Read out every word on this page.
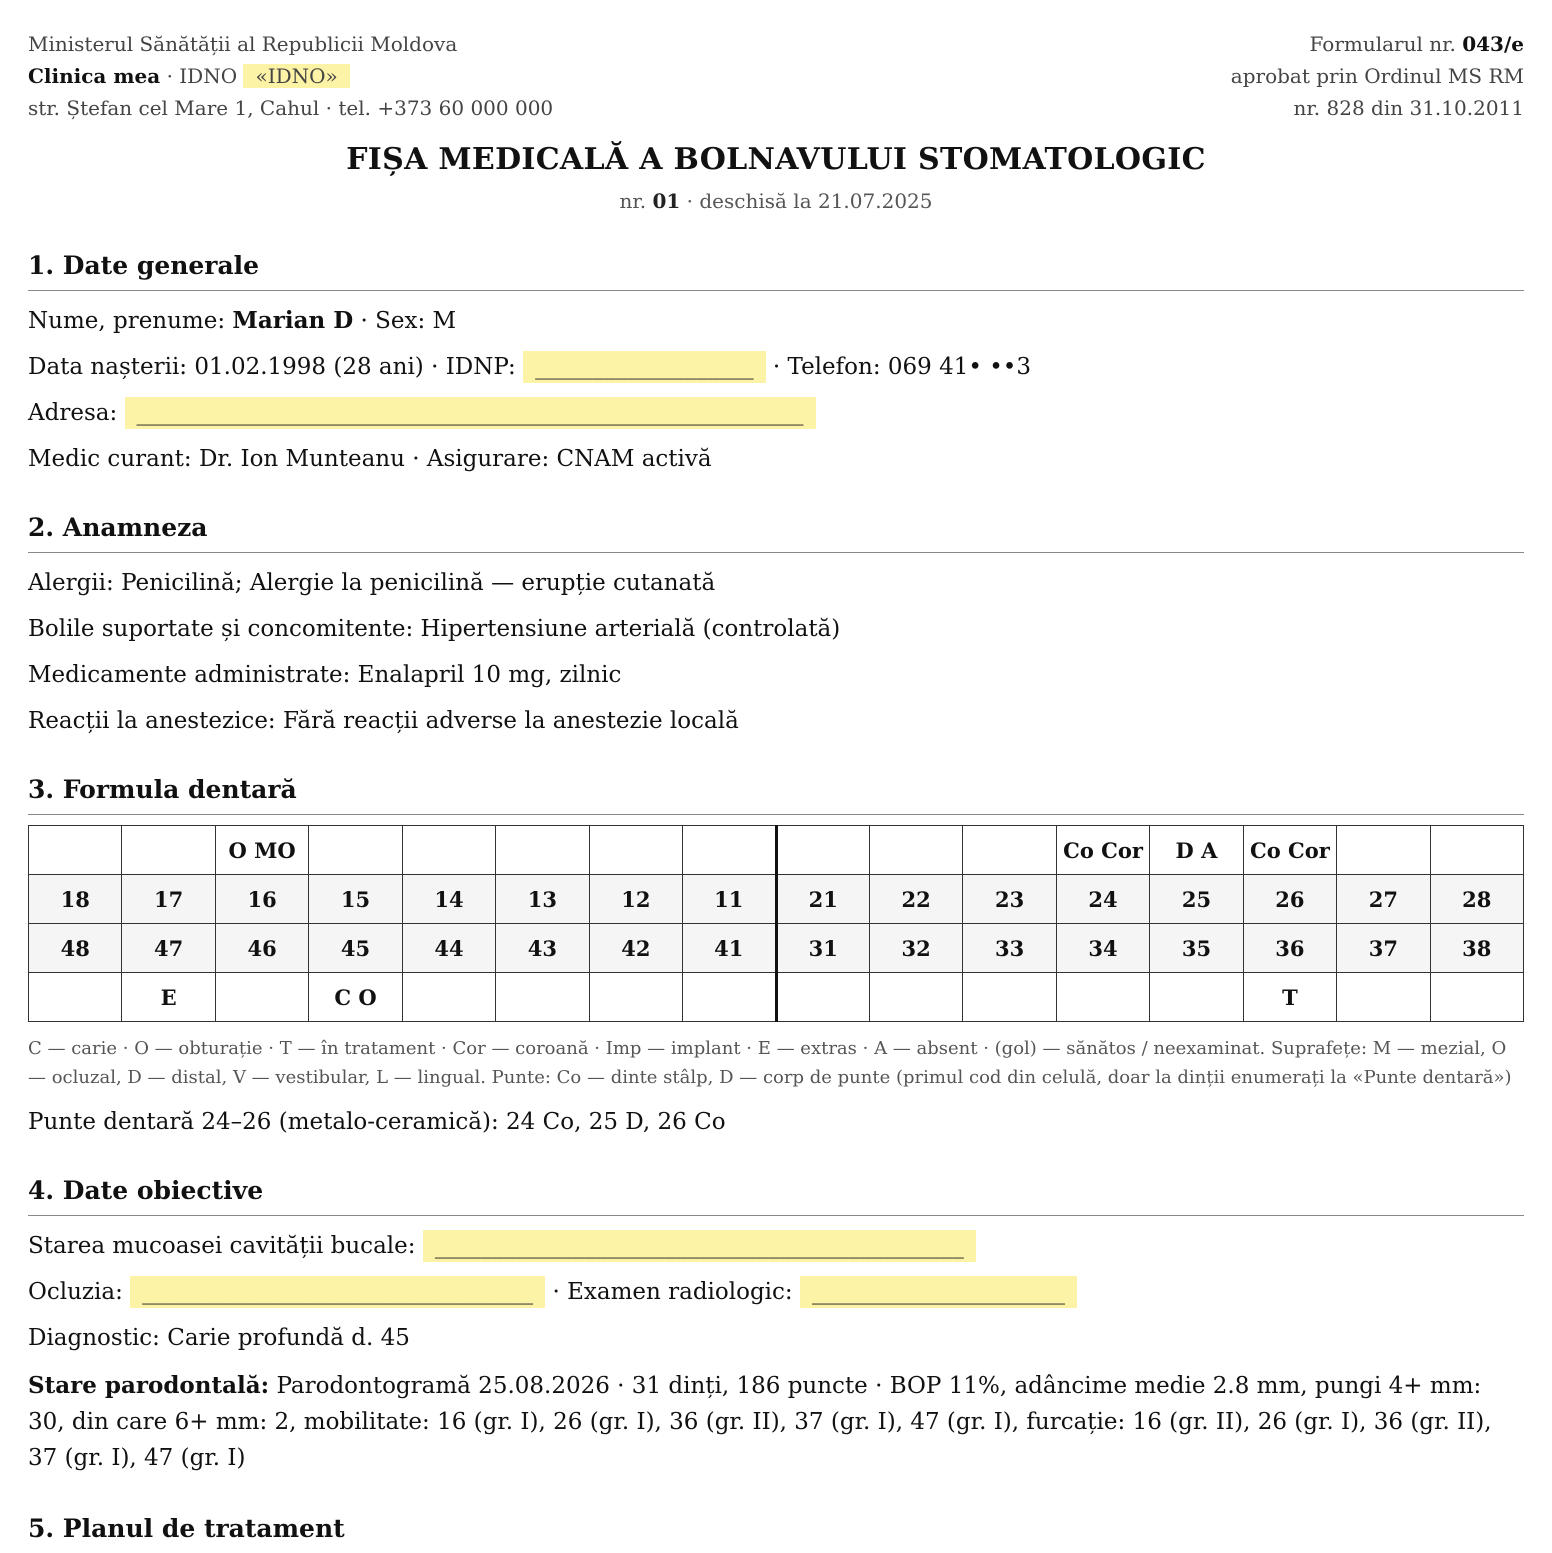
Ministerul Sănătății al Republicii Moldova
Clinica mea · IDNO «IDNO»
str. Ștefan cel Mare 1, Cahul · tel. +373 60 000 000
Formularul nr. 043/e
aprobat prin Ordinul MS RM
nr. 828 din 31.10.2011
FIȘA MEDICALĂ A BOLNAVULUI STOMATOLOGIC
nr. 01 · deschisă la 21.07.2025
1. Date generale
Nume, prenume: Marian D · Sex: M
Data nașterii: 01.02.1998 (28 ani) · IDNP: ___________________ · Telefon: 069 41• ••3
Adresa: __________________________________________________________
Medic curant: Dr. Ion Munteanu · Asigurare: CNAM activă
2. Anamneza
Alergii: Penicilină; Alergie la penicilină — erupție cutanată
Bolile suportate și concomitente: Hipertensiune arterială (controlată)
Medicamente administrate: Enalapril 10 mg, zilnic
Reacții la anestezice: Fără reacții adverse la anestezie locală
3. Formula dentară
		O MO									Co Cor	D A	Co Cor		
18	17	16	15	14	13	12	11	21	22	23	24	25	26	27	28
48	47	46	45	44	43	42	41	31	32	33	34	35	36	37	38
	E		C O										T		
C — carie · O — obturație · T — în tratament · Cor — coroană · Imp — implant · E — extras · A — absent · (gol) — sănătos / neexaminat. Suprafețe: M — mezial, O — ocluzal, D — distal, V — vestibular, L — lingual. Punte: Co — dinte stâlp, D — corp de punte (primul cod din celulă, doar la dinții enumerați la «Punte dentară»)
Punte dentară 24–26 (metalo-ceramică): 24 Co, 25 D, 26 Co
4. Date obiective
Starea mucoasei cavității bucale: ______________________________________________
Ocluzia: __________________________________ · Examen radiologic: ______________________
Diagnostic: Carie profundă d. 45
Stare parodontală: Parodontogramă 25.08.2026 · 31 dinți, 186 puncte · BOP 11%, adâncime medie 2.8 mm, pungi 4+ mm: 30, din care 6+ mm: 2, mobilitate: 16 (gr. I), 26 (gr. I), 36 (gr. II), 37 (gr. I), 47 (gr. I), furcație: 16 (gr. II), 26 (gr. I), 36 (gr. II), 37 (gr. I), 47 (gr. I)
5. Planul de tratament
